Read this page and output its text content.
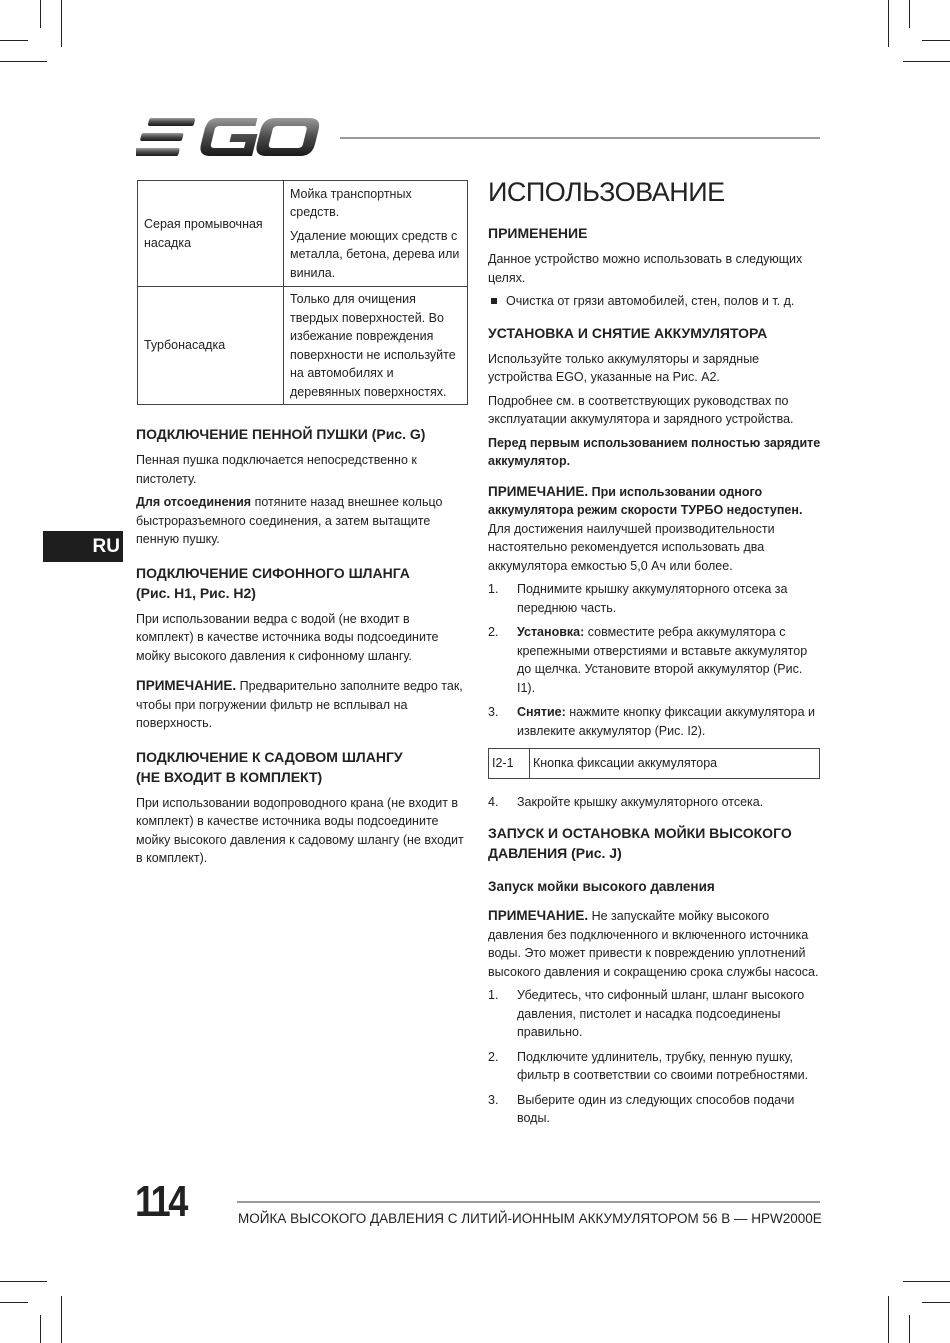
RU
Серая промывочная насадка	Мойка транспортных средств.

Удаление моющих средств с металла, бетона, дерева или винила.

Турбонасадка	Только для очищения твердых поверхностей. Во избежание повреждения поверхности не используйте на автомобилях и деревянных поверхностях.

ПОДКЛЮЧЕНИЕ ПЕННОЙ ПУШКИ (Рис. G)

Пенная пушка подключается непосредственно к пистолету.

Для отсоединения потяните назад внешнее кольцо быстроразъемного соединения, а затем вытащите пенную пушку.

ПОДКЛЮЧЕНИЕ СИФОННОГО ШЛАНГА
(Рис. H1, Рис. H2)

При использовании ведра с водой (не входит в комплект) в качестве источника воды подсоедините мойку высокого давления к сифонному шлангу.

ПРИМЕЧАНИЕ. Предварительно заполните ведро так, чтобы при погружении фильтр не всплывал на поверхность.

ПОДКЛЮЧЕНИЕ К САДОВОМ ШЛАНГУ
(НЕ ВХОДИТ В КОМПЛЕКТ)

При использовании водопроводного крана (не входит в комплект) в качестве источника воды подсоедините мойку высокого давления к садовому шлангу (не входит в комплект).

ИСПОЛЬЗОВАНИЕ
ПРИМЕНЕНИЕ

Данное устройство можно использовать в следующих целях.

Очистка от грязи автомобилей, стен, полов и т. д.
УСТАНОВКА И СНЯТИЕ АККУМУЛЯТОРА

Используйте только аккумуляторы и зарядные устройства EGO, указанные на Рис. A2.

Подробнее см. в соответствующих руководствах по эксплуатации аккумулятора и зарядного устройства.

Перед первым использованием полностью зарядите аккумулятор.

ПРИМЕЧАНИЕ. При использовании одного аккумулятора режим скорости ТУРБО недоступен. Для достижения наилучшей производительности настоятельно рекомендуется использовать два аккумулятора емкостью 5,0 Ач или более.

1. Поднимите крышку аккумуляторного отсека за переднюю часть.
2. Установка: совместите ребра аккумулятора с крепежными отверстиями и вставьте аккумулятор до щелчка. Установите второй аккумулятор (Рис. I1).
3. Снятие: нажмите кнопку фиксации аккумулятора и извлеките аккумулятор (Рис. I2).
I2-1	Кнопка фиксации аккумулятора
4. Закройте крышку аккумуляторного отсека.
ЗАПУСК И ОСТАНОВКА МОЙКИ ВЫСОКОГО
ДАВЛЕНИЯ (Рис. J)
Запуск мойки высокого давления

ПРИМЕЧАНИЕ. Не запускайте мойку высокого давления без подключенного и включенного источника воды. Это может привести к повреждению уплотнений высокого давления и сокращению срока службы насоса.

1. Убедитесь, что сифонный шланг, шланг высокого давления, пистолет и насадка подсоединены правильно.
2. Подключите удлинитель, трубку, пенную пушку, фильтр в соответствии со своими потребностями.
3. Выберите один из следующих способов подачи воды.
114	МОЙКА ВЫСОКОГО ДАВЛЕНИЯ С ЛИТИЙ-ИОННЫМ АККУМУЛЯТОРОМ 56 В — HPW2000E
